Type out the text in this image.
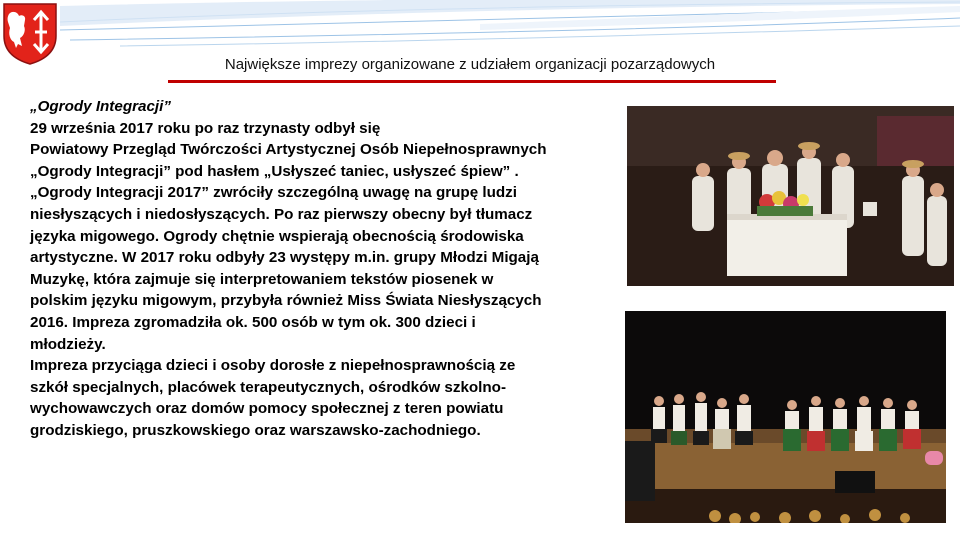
Największe imprezy organizowane z udziałem organizacji pozarządowych
„Ogrody Integracji”
29 września 2017 roku po raz trzynasty odbył się
Powiatowy Przegląd Twórczości Artystycznej Osób Niepełnosprawnych
„Ogrody Integracji” pod hasłem „Usłyszeć taniec, usłyszeć śpiew” .
„Ogrody Integracji 2017” zwróciły szczególną uwagę na grupę ludzi
niesłyszących i niedosłyszących. Po raz pierwszy obecny był tłumacz
języka migowego. Ogrody chętnie wspierają obecnością środowiska
artystyczne. W 2017 roku odbyły 23 występy m.in. grupy Młodzi Migają
Muzykę, która zajmuje się interpretowaniem tekstów piosenek w
polskim języku migowym, przybyła również Miss Świata Niesłyszących
2016. Impreza zgromadziła ok. 500 osób w tym ok. 300 dzieci i
młodzieży.
Impreza przyciąga dzieci i osoby dorosłe z niepełnosprawnością ze
szkół specjalnych, placówek terapeutycznych, ośrodków szkolno-
wychowawczych oraz domów pomocy społecznej z teren powiatu
grodziskiego, pruszkowskiego oraz warszawsko-zachodniego.
